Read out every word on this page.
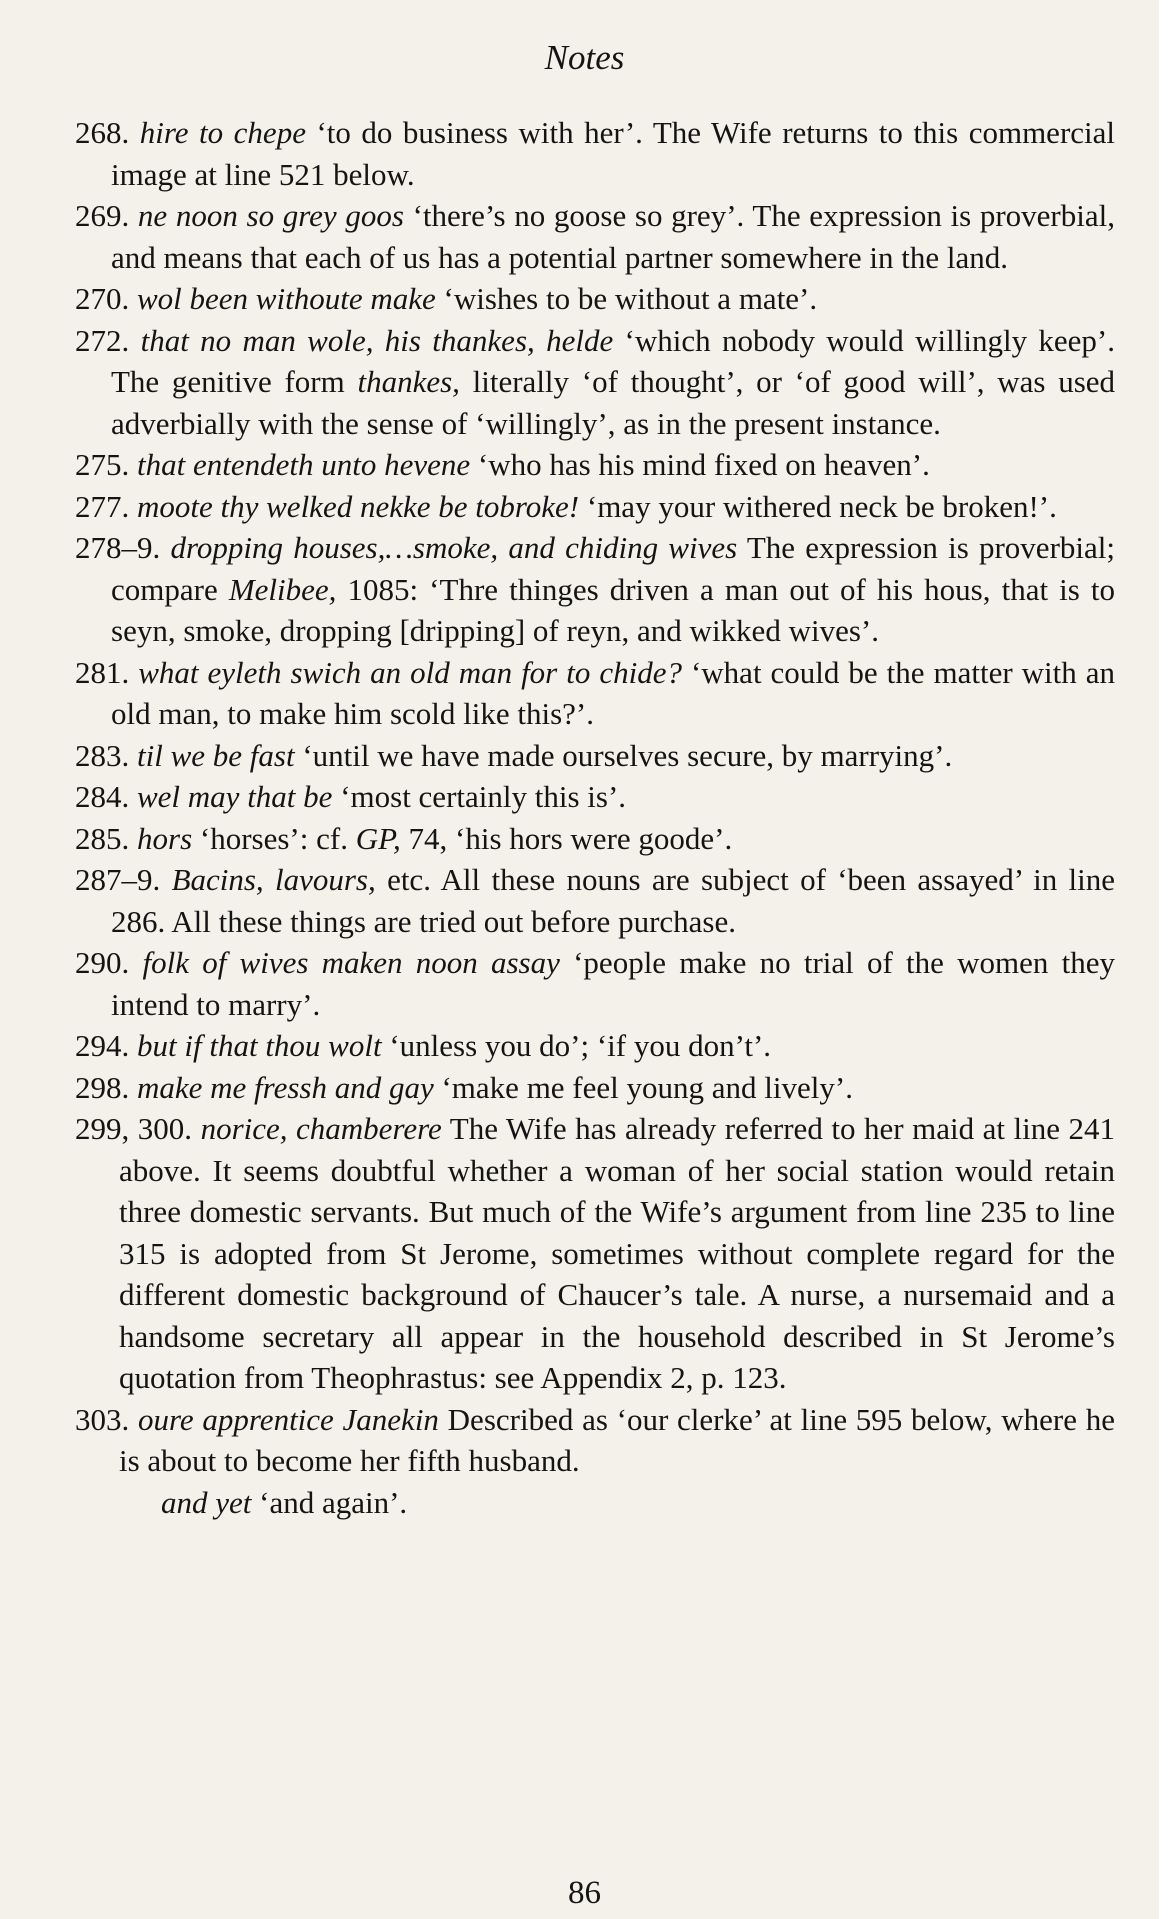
Notes
268. hire to chepe ‘to do business with her’. The Wife returns to this commercial image at line 521 below.
269. ne noon so grey goos ‘there’s no goose so grey’. The expression is proverbial, and means that each of us has a potential partner somewhere in the land.
270. wol been withoute make ‘wishes to be without a mate’.
272. that no man wole, his thankes, helde ‘which nobody would willingly keep’. The genitive form thankes, literally ‘of thought’, or ‘of good will’, was used adverbially with the sense of ‘willingly’, as in the present instance.
275. that entendeth unto hevene ‘who has his mind fixed on heaven’.
277. moote thy welked nekke be tobroke! ‘may your withered neck be broken!’.
278–9. dropping houses,…smoke, and chiding wives The expression is proverbial; compare Melibee, 1085: ‘Thre thinges driven a man out of his hous, that is to seyn, smoke, dropping [dripping] of reyn, and wikked wives’.
281. what eyleth swich an old man for to chide? ‘what could be the matter with an old man, to make him scold like this?’.
283. til we be fast ‘until we have made ourselves secure, by marrying’.
284. wel may that be ‘most certainly this is’.
285. hors ‘horses’: cf. GP, 74, ‘his hors were goode’.
287–9. Bacins, lavours, etc. All these nouns are subject of ‘been assayed’ in line 286. All these things are tried out before purchase.
290. folk of wives maken noon assay ‘people make no trial of the women they intend to marry’.
294. but if that thou wolt ‘unless you do’; ‘if you don’t’.
298. make me fressh and gay ‘make me feel young and lively’.
299, 300. norice, chamberere The Wife has already referred to her maid at line 241 above. It seems doubtful whether a woman of her social station would retain three domestic servants. But much of the Wife’s argument from line 235 to line 315 is adopted from St Jerome, sometimes without complete regard for the different domestic background of Chaucer’s tale. A nurse, a nursemaid and a handsome secretary all appear in the household described in St Jerome’s quotation from Theophrastus: see Appendix 2, p. 123.
303. oure apprentice Janekin Described as ‘our clerke’ at line 595 below, where he is about to become her fifth husband.
and yet ‘and again’.
86
